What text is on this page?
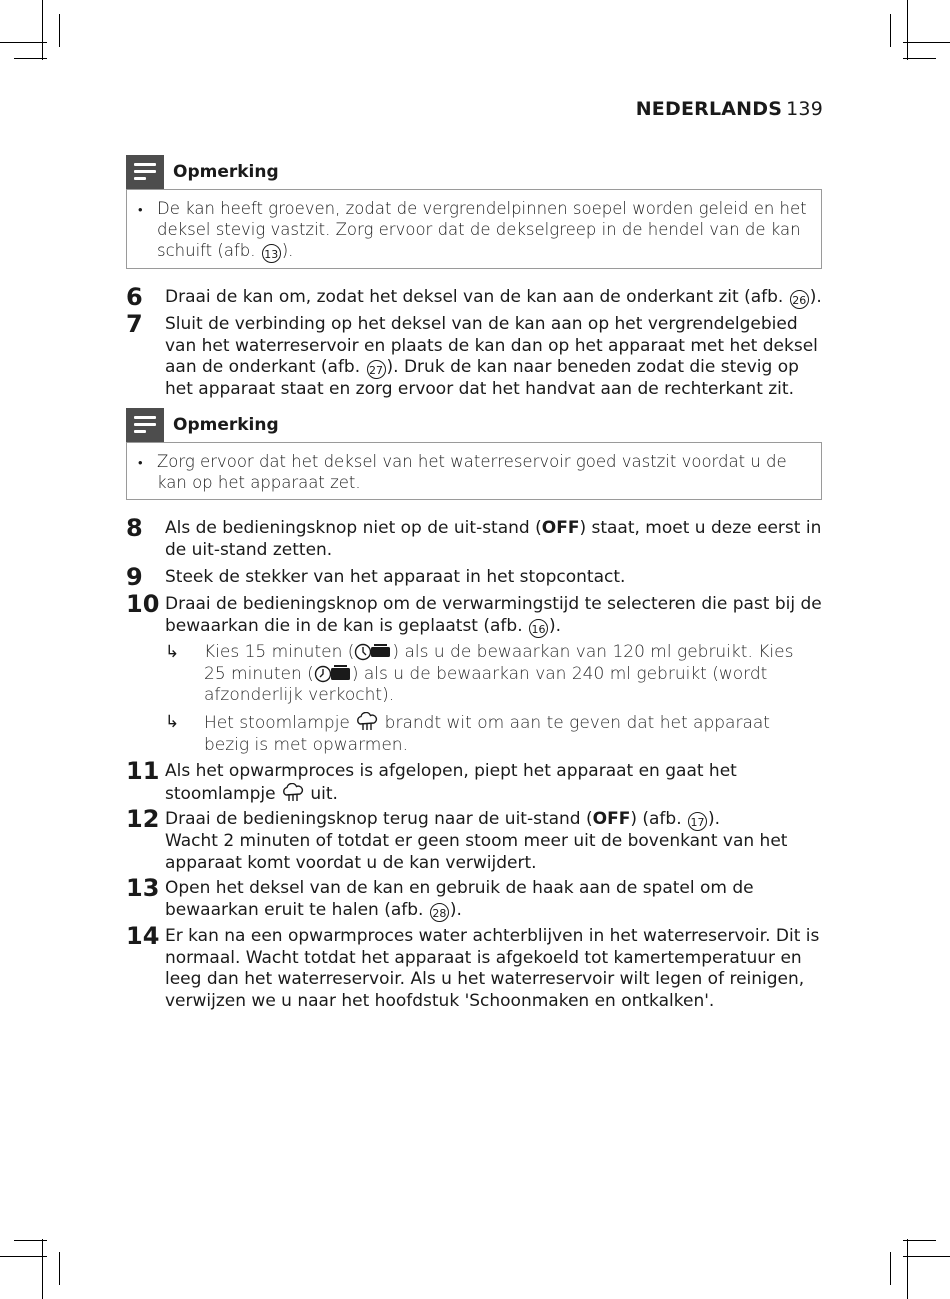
NEDERLANDS 139
Opmerking
• De kan heeft groeven, zodat de vergrendelpinnen soepel worden geleid en het deksel stevig vastzit. Zorg ervoor dat de dekselgreep in de hendel van de kan schuift (afb. 13 ).

6 Draai de kan om, zodat het deksel van de kan aan de onderkant zit (afb. 26 ).
7 Sluit de verbinding op het deksel van de kan aan op het vergrendelgebied van het waterreservoir en plaats de kan dan op het apparaat met het deksel aan de onderkant (afb. 27 ). Druk de kan naar beneden zodat die stevig op het apparaat staat en zorg ervoor dat het handvat aan de rechterkant zit.
Opmerking
• Zorg ervoor dat het deksel van het waterreservoir goed vastzit voordat u de kan op het apparaat zet.

8 Als de bedieningsknop niet op de uit-stand (OFF) staat, moet u deze eerst in de uit-stand zetten.
9 Steek de stekker van het apparaat in het stopcontact.
10 Draai de bedieningsknop om de verwarmingstijd te selecteren die past bij de bewaarkan die in de kan is geplaatst (afb. 16 ).
↳ Kies 15 minuten ( ) als u de bewaarkan van 120 ml gebruikt. Kies 25 minuten ( ) als u de bewaarkan van 240 ml gebruikt (wordt afzonderlijk verkocht).
↳ Het stoomlampje  brandt wit om aan te geven dat het apparaat bezig is met opwarmen.
11 Als het opwarmproces is afgelopen, piept het apparaat en gaat het stoomlampje  uit.
12 Draai de bedieningsknop terug naar de uit-stand (OFF) (afb. 17 ).
Wacht 2 minuten of totdat er geen stoom meer uit de bovenkant van het apparaat komt voordat u de kan verwijdert.
13 Open het deksel van de kan en gebruik de haak aan de spatel om de bewaarkan eruit te halen (afb. 28 ).
14 Er kan na een opwarmproces water achterblijven in het waterreservoir. Dit is normaal. Wacht totdat het apparaat is afgekoeld tot kamertemperatuur en leeg dan het waterreservoir. Als u het waterreservoir wilt legen of reinigen, verwijzen we u naar het hoofdstuk 'Schoonmaken en ontkalken'.
